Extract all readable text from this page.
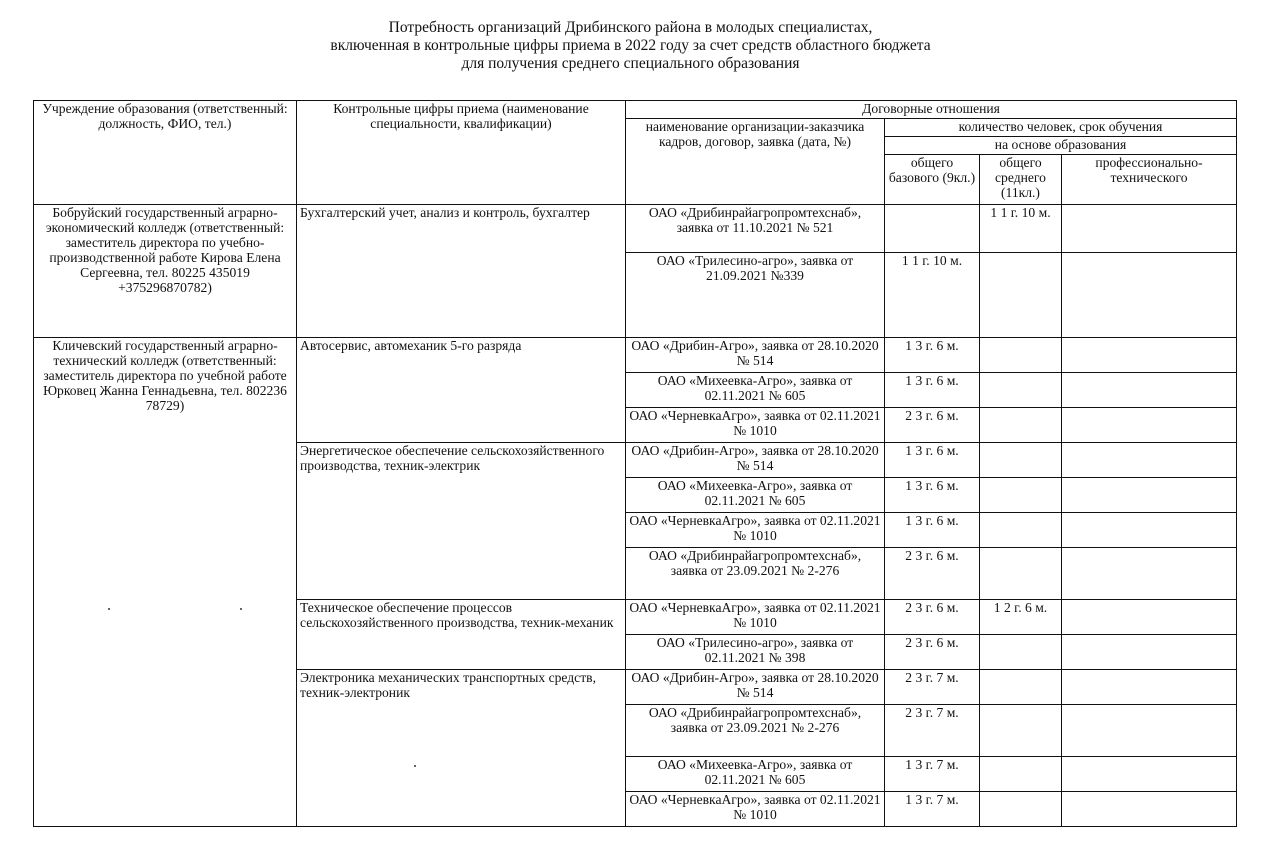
Потребность организаций Дрибинского района в молодых специалистах,
включенная в контрольные цифры приема в 2022 году за счет средств областного бюджета
для получения среднего специального образования
Учреждение образования (ответственный: должность, ФИО, тел.)	Контрольные цифры приема (наименование специальности, квалификации)	Договорные отношения			
		наименование организации-заказчика кадров, договор, заявка (дата, №)	количество человек, срок обучения		
			на основе образования		
			общего базового (9кл.)	общего среднего (11кл.)	профессионально-технического
Бобруйский государственный аграрно-экономический колледж (ответственный: заместитель директора по учебно-производственной работе Кирова Елена Сергеевна, тел. 80225 435019 +375296870782)	Бухгалтерский учет, анализ и контроль, бухгалтер	ОАО «Дрибинрайагропромтехснаб», заявка от 11.10.2021 № 521		1 1 г. 10 м.	
		ОАО «Трилесино-агро», заявка от 21.09.2021 №339	1 1 г. 10 м.		
Кличевский государственный аграрно-технический колледж (ответственный: заместитель директора по учебной работе Юрковец Жанна Геннадьевна, тел. 802236 78729)	Автосервис, автомеханик 5-го разряда	ОАО «Дрибин-Агро», заявка от 28.10.2020 № 514	1 3 г. 6 м.		
		ОАО «Михеевка-Агро», заявка от 02.11.2021 № 605	1 3 г. 6 м.		
		ОАО «ЧерневкаАгро», заявка от 02.11.2021 № 1010	2 3 г. 6 м.		
	Энергетическое обеспечение сельскохозяйственного производства, техник-электрик	ОАО «Дрибин-Агро», заявка от 28.10.2020 № 514	1 3 г. 6 м.		
		ОАО «Михеевка-Агро», заявка от 02.11.2021 № 605	1 3 г. 6 м.		
		ОАО «ЧерневкаАгро», заявка от 02.11.2021 № 1010	1 3 г. 6 м.		
		ОАО «Дрибинрайагропромтехснаб», заявка от 23.09.2021 № 2-276	2 3 г. 6 м.		
	Техническое обеспечение процессов сельскохозяйственного производства, техник-механик	ОАО «ЧерневкаАгро», заявка от 02.11.2021 № 1010	2 3 г. 6 м.	1 2 г. 6 м.	
		ОАО «Трилесино-агро», заявка от 02.11.2021 № 398	2 3 г. 6 м.		
	Электроника механических транспортных средств, техник-электроник	ОАО «Дрибин-Агро», заявка от 28.10.2020 № 514	2 3 г. 7 м.		
		ОАО «Дрибинрайагропромтехснаб», заявка от 23.09.2021 № 2-276	2 3 г. 7 м.		
		ОАО «Михеевка-Агро», заявка от 02.11.2021 № 605	1 3 г. 7 м.		
		ОАО «ЧерневкаАгро», заявка от 02.11.2021 № 1010	1 3 г. 7 м.		
